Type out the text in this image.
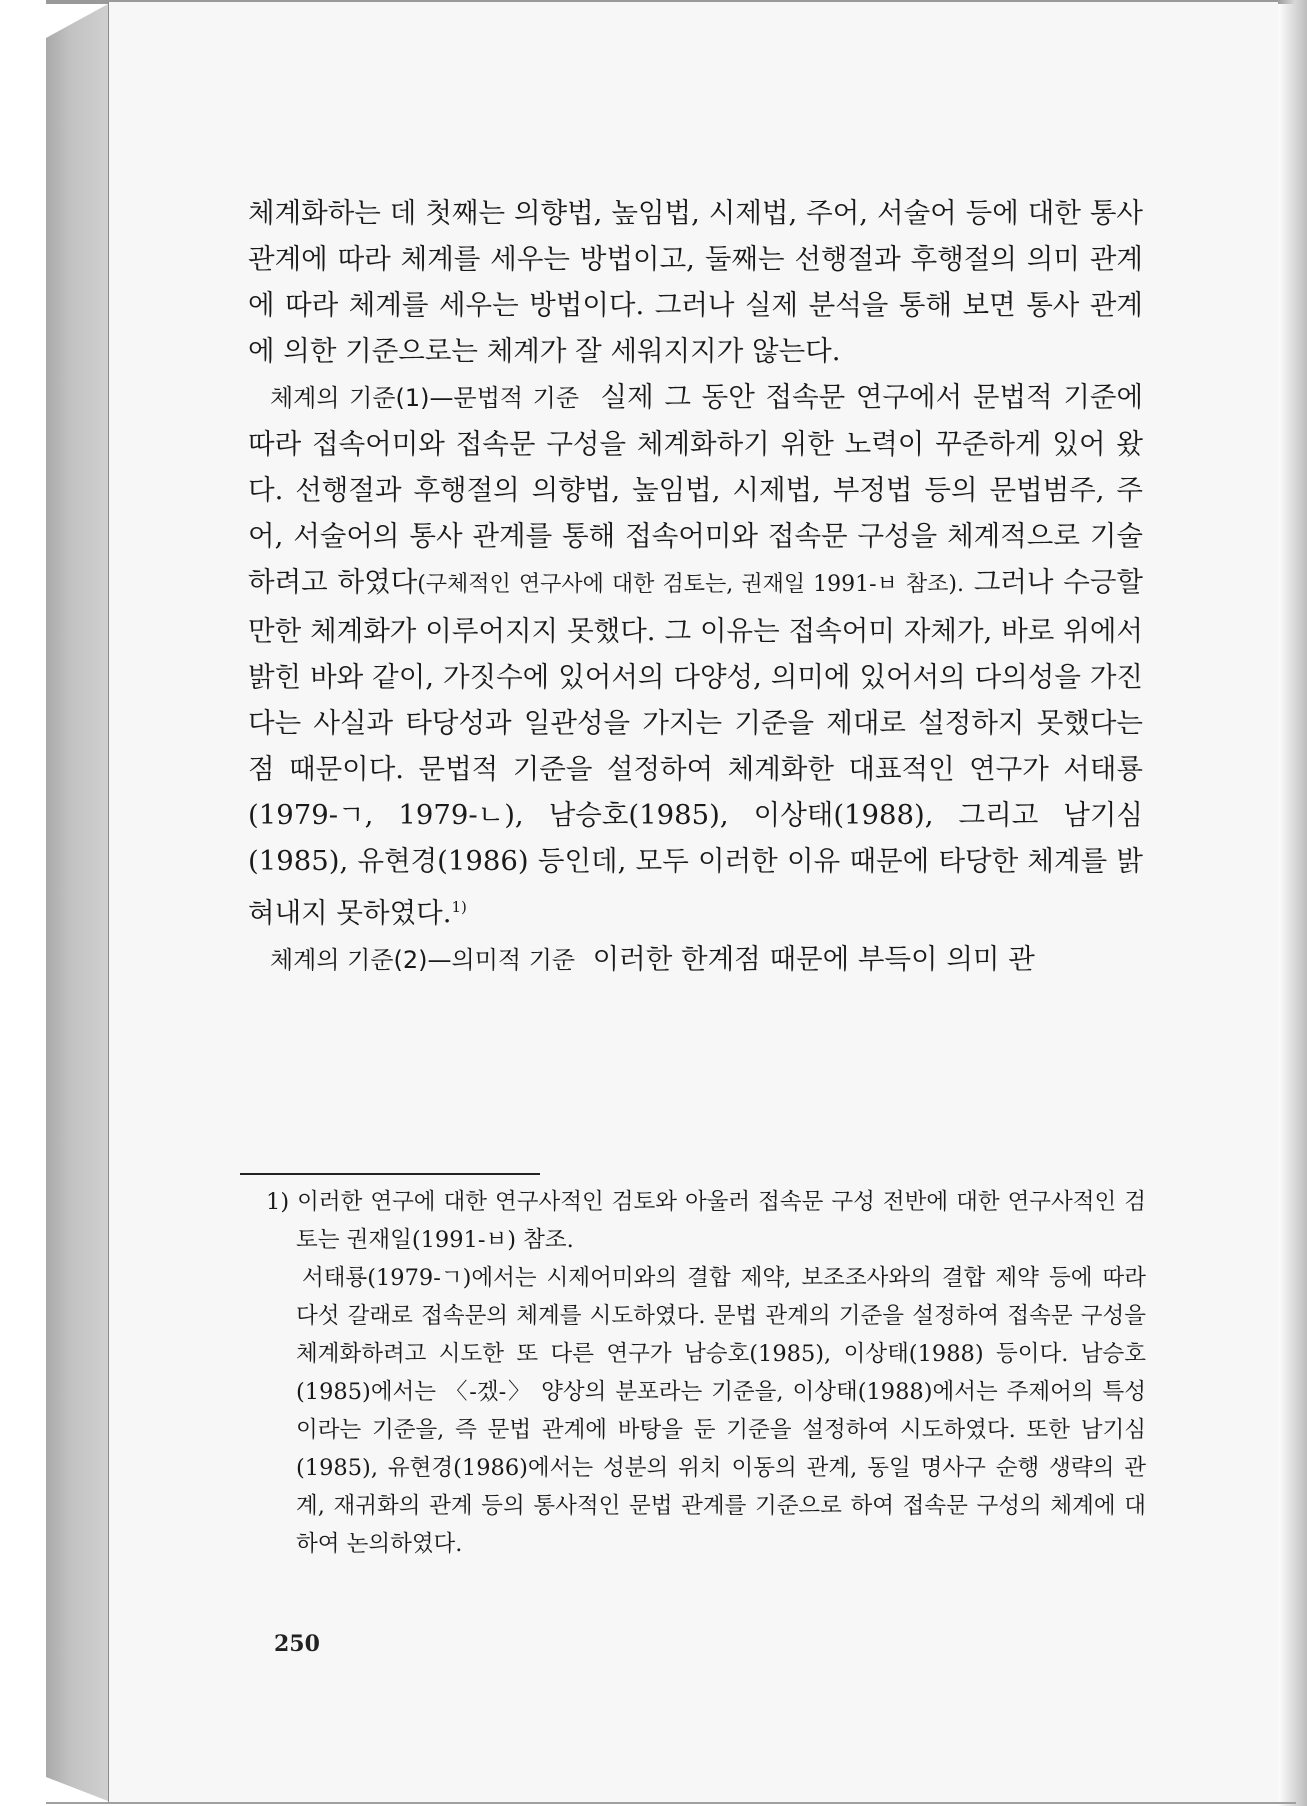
체계화하는 데 첫째는 의향법, 높임법, 시제법, 주어, 서술어 등에 대한 통사 관계에 따라 체계를 세우는 방법이고, 둘째는 선행절과 후행절의 의미 관계에 따라 체계를 세우는 방법이다. 그러나 실제 분석을 통해 보면 통사 관계에 의한 기준으로는 체계가 잘 세워지지가 않는다.

체계의 기준(1)—문법적 기준 실제 그 동안 접속문 연구에서 문법적 기준에 따라 접속어미와 접속문 구성을 체계화하기 위한 노력이 꾸준하게 있어 왔다. 선행절과 후행절의 의향법, 높임법, 시제법, 부정법 등의 문법범주, 주어, 서술어의 통사 관계를 통해 접속어미와 접속문 구성을 체계적으로 기술하려고 하였다(구체적인 연구사에 대한 검토는, 권재일 1991-ㅂ 참조). 그러나 수긍할 만한 체계화가 이루어지지 못했다. 그 이유는 접속어미 자체가, 바로 위에서 밝힌 바와 같이, 가짓수에 있어서의 다양성, 의미에 있어서의 다의성을 가진다는 사실과 타당성과 일관성을 가지는 기준을 제대로 설정하지 못했다는 점 때문이다. 문법적 기준을 설정하여 체계화한 대표적인 연구가 서태룡(1979-ㄱ, 1979-ㄴ), 남승호(1985), 이상태(1988), 그리고 남기심(1985), 유현경(1986) 등인데, 모두 이러한 이유 때문에 타당한 체계를 밝혀내지 못하였다.$^{1)}$

체계의 기준(2)—의미적 기준 이러한 한계점 때문에 부득이 의미 관

1) 이러한 연구에 대한 연구사적인 검토와 아울러 접속문 구성 전반에 대한 연구사적인 검토는 권재일(1991-ㅂ) 참조.

서태룡(1979-ㄱ)에서는 시제어미와의 결합 제약, 보조조사와의 결합 제약 등에 따라 다섯 갈래로 접속문의 체계를 시도하였다. 문법 관계의 기준을 설정하여 접속문 구성을 체계화하려고 시도한 또 다른 연구가 남승호(1985), 이상태(1988) 등이다. 남승호(1985)에서는 〈-겠-〉 양상의 분포라는 기준을, 이상태(1988)에서는 주제어의 특성이라는 기준을, 즉 문법 관계에 바탕을 둔 기준을 설정하여 시도하였다. 또한 남기심(1985), 유현경(1986)에서는 성분의 위치 이동의 관계, 동일 명사구 순행 생략의 관계, 재귀화의 관계 등의 통사적인 문법 관계를 기준으로 하여 접속문 구성의 체계에 대하여 논의하였다.

250
